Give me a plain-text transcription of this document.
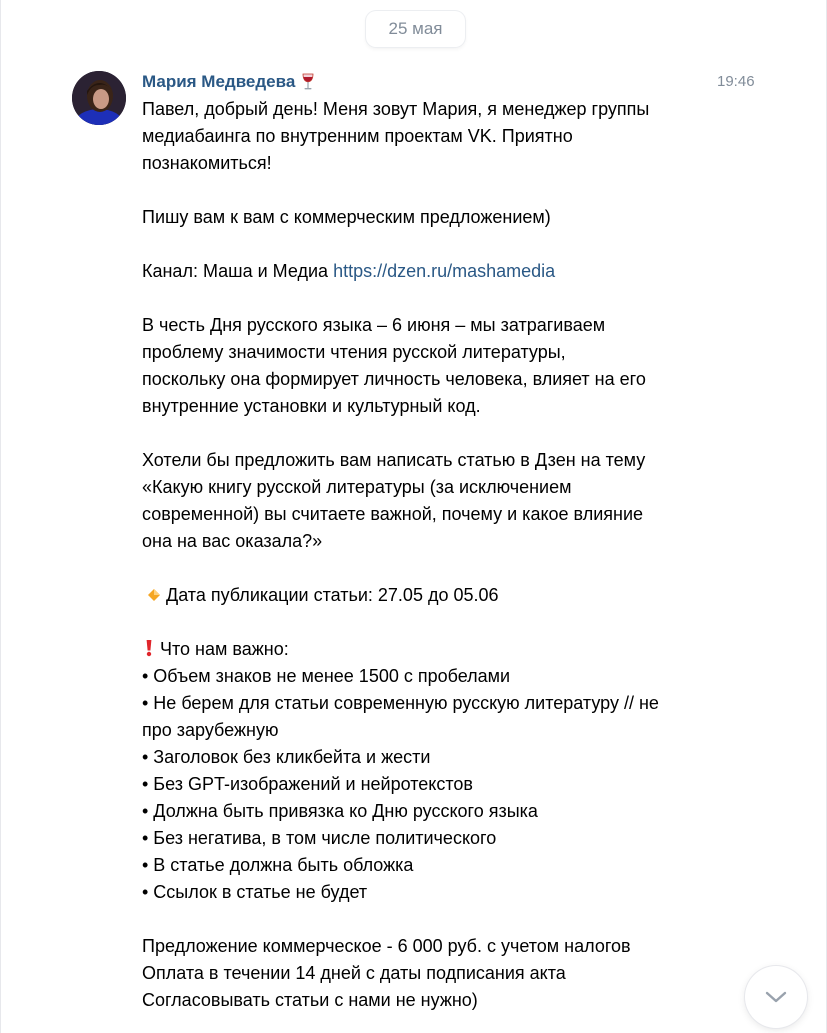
25 мая
Мария Медведева	19:46
Павел, добрый день! Меня зовут Мария, я менеджер группы
медиабаинга по внутренним проектам VK. Приятно
познакомиться!
Пишу вам к вам с коммерческим предложением)
Канал: Маша и Медиа https://dzen.ru/mashamedia
В честь Дня русского языка – 6 июня – мы затрагиваем
проблему значимости чтения русской литературы,
поскольку она формирует личность человека, влияет на его
внутренние установки и культурный код.
Хотели бы предложить вам написать статью в Дзен на тему
«Какую книгу русской литературы (за исключением
современной) вы считаете важной, почему и какое влияние
она на вас оказала?»
Дата публикации статьи: 27.05 до 05.06
Что нам важно:
• Объем знаков не менее 1500 с пробелами
• Не берем для статьи современную русскую литературу // не
про зарубежную
• Заголовок без кликбейта и жести
• Без GPT-изображений и нейротекстов
• Должна быть привязка ко Дню русского языка
• Без негатива, в том числе политического
• В статье должна быть обложка
• Ссылок в статье не будет
Предложение коммерческое - 6 000 руб. с учетом налогов
Оплата в течении 14 дней с даты подписания акта
Согласовывать статьи с нами не нужно)
